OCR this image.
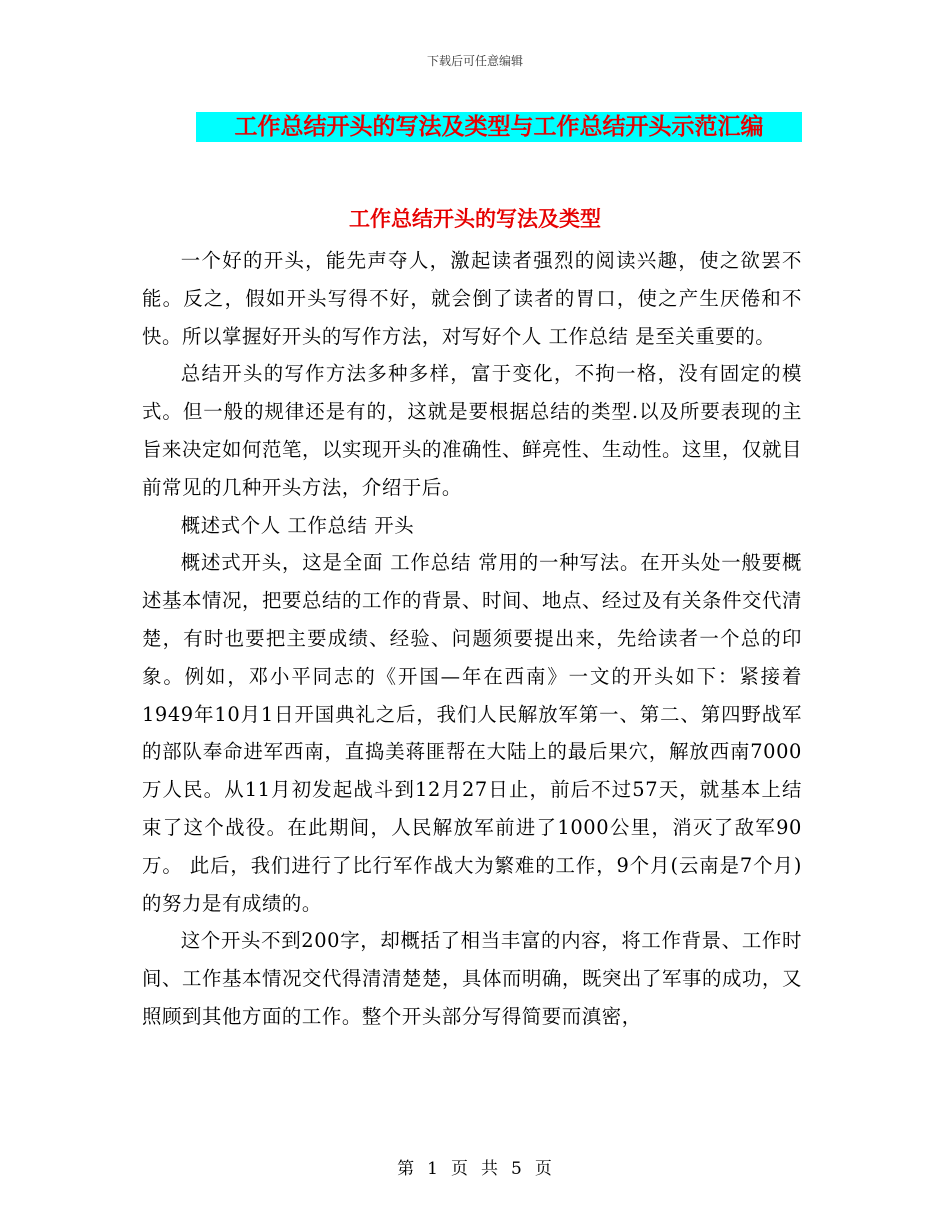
下载后可任意编辑
工作总结开头的写法及类型与工作总结开头示范汇编
工作总结开头的写法及类型

一个好的开头，能先声夺人，激起读者强烈的阅读兴趣，使之欲罢不能。反之，假如开头写得不好，就会倒了读者的胃口，使之产生厌倦和不快。所以掌握好开头的写作方法，对写好个人 工作总结 是至关重要的。

总结开头的写作方法多种多样，富于变化，不拘一格，没有固定的模式。但一般的规律还是有的，这就是要根据总结的类型.以及所要表现的主旨来决定如何范笔，以实现开头的准确性、鲜亮性、生动性。这里，仅就目前常见的几种开头方法，介绍于后。

概述式个人 工作总结 开头

概述式开头，这是全面 工作总结 常用的一种写法。在开头处一般要概述基本情况，把要总结的工作的背景、时间、地点、经过及有关条件交代清楚，有时也要把主要成绩、经验、问题须要提出来，先给读者一个总的印象。例如，邓小平同志的《开国—年在西南》一文的开头如下：紧接着1949年10月1日开国典礼之后，我们人民解放军第一、第二、第四野战军的部队奉命进军西南，直捣美蒋匪帮在大陆上的最后果穴，解放西南7000万人民。从11月初发起战斗到12月27日止，前后不过57天，就基本上结束了这个战役。在此期间，人民解放军前进了1000公里，消灭了敌军90万。 此后，我们进行了比行军作战大为繁难的工作，9个月(云南是7个月)的努力是有成绩的。

这个开头不到200字，却概括了相当丰富的内容，将工作背景、工作时间、工作基本情况交代得清清楚楚，具体而明确，既突出了军事的成功，又照顾到其他方面的工作。整个开头部分写得简要而滇密，

第 1 页 共 5 页
